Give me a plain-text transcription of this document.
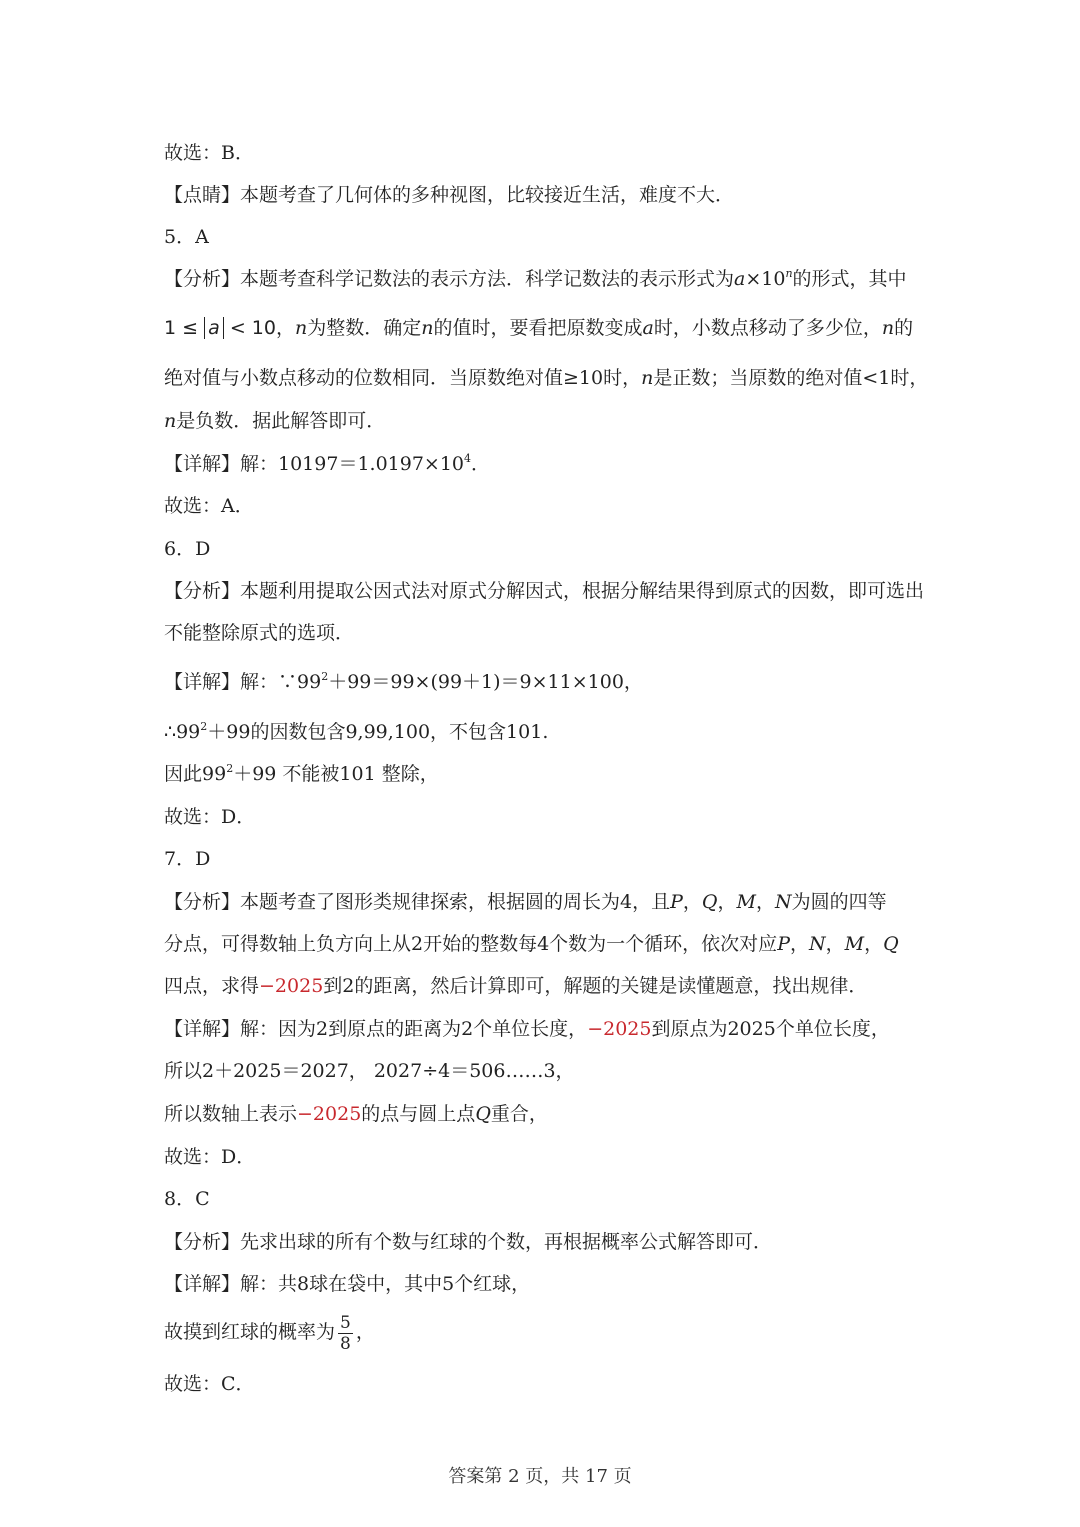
故选：B．
【点睛】本题考查了几何体的多种视图，比较接近生活，难度不大．
5．A
【分析】本题考查科学记数法的表示方法．科学记数法的表示形式为$a\times 10^n$的形式，其中
1 ≤ a < 10，n为整数．确定n的值时，要看把原数变成a时，小数点移动了多少位，n的
绝对值与小数点移动的位数相同．当原数绝对值≥10时，n是正数；当原数的绝对值<1时，
n是负数．据此解答即可．
【详解】解：$10197=1.0197\times 10^4$．
故选：A．
6．D
【分析】本题利用提取公因式法对原式分解因式，根据分解结果得到原式的因数，即可选出
不能整除原式的选项．
【详解】解：$\because 99^2+99=99\times(99+1)=9\times 11\times 100$，
$\therefore 99^2+99$的因数包含9,99,100，不包含101.
因此$99^2+99$ 不能被101 整除，
故选：D．
7．D
【分析】本题考查了图形类规律探索，根据圆的周长为4，且P，Q，M，N为圆的四等
分点，可得数轴上负方向上从2开始的整数每4个数为一个循环，依次对应P，N，M，Q
四点，求得−2025到2的距离，然后计算即可，解题的关键是读懂题意，找出规律．
【详解】解：因为2到原点的距离为2个单位长度，−2025到原点为2025个单位长度，
所以2＋2025＝2027， 2027÷4＝506……3，
所以数轴上表示−2025的点与圆上点Q重合，
故选：D．
8．C
【分析】先求出球的所有个数与红球的个数，再根据概率公式解答即可．
【详解】解：共8球在袋中，其中5个红球，
故摸到红球的概率为 $\frac{5}{8}$ ，
故选：C．
答案第 2 页，共 17 页
